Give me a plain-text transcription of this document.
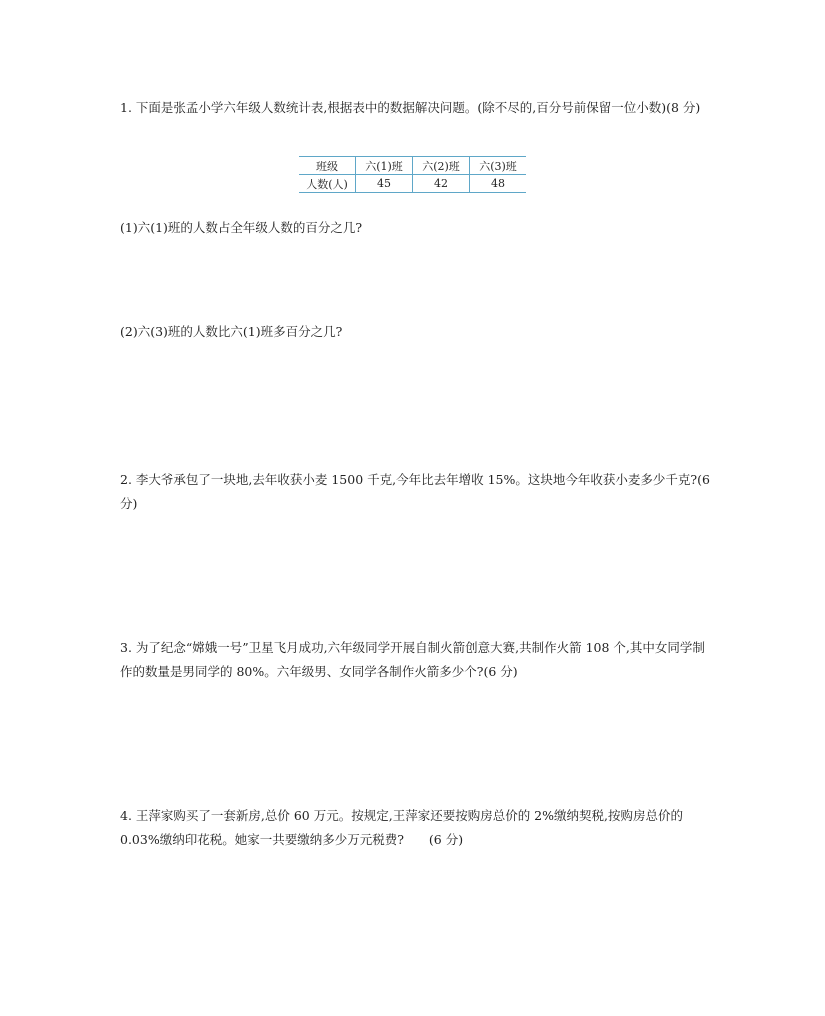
1. 下面是张孟小学六年级人数统计表,根据表中的数据解决问题。(除不尽的,百分号前保留一位小数)(8 分)
班级	六(1)班	六(2)班	六(3)班
人数(人)	45	42	48
(1)六(1)班的人数占全年级人数的百分之几?
(2)六(3)班的人数比六(1)班多百分之几?
2. 李大爷承包了一块地,去年收获小麦 1500 千克,今年比去年增收 15%。这块地今年收获小麦多少千克?(6 分)
3. 为了纪念“嫦娥一号”卫星飞月成功,六年级同学开展自制火箭创意大赛,共制作火箭 108 个,其中女同学制作的数量是男同学的 80%。六年级男、女同学各制作火箭多少个?(6 分)
4. 王萍家购买了一套新房,总价 60 万元。按规定,王萍家还要按购房总价的 2%缴纳契税,按购房总价的 0.03%缴纳印花税。她家一共要缴纳多少万元税费?　　(6 分)
